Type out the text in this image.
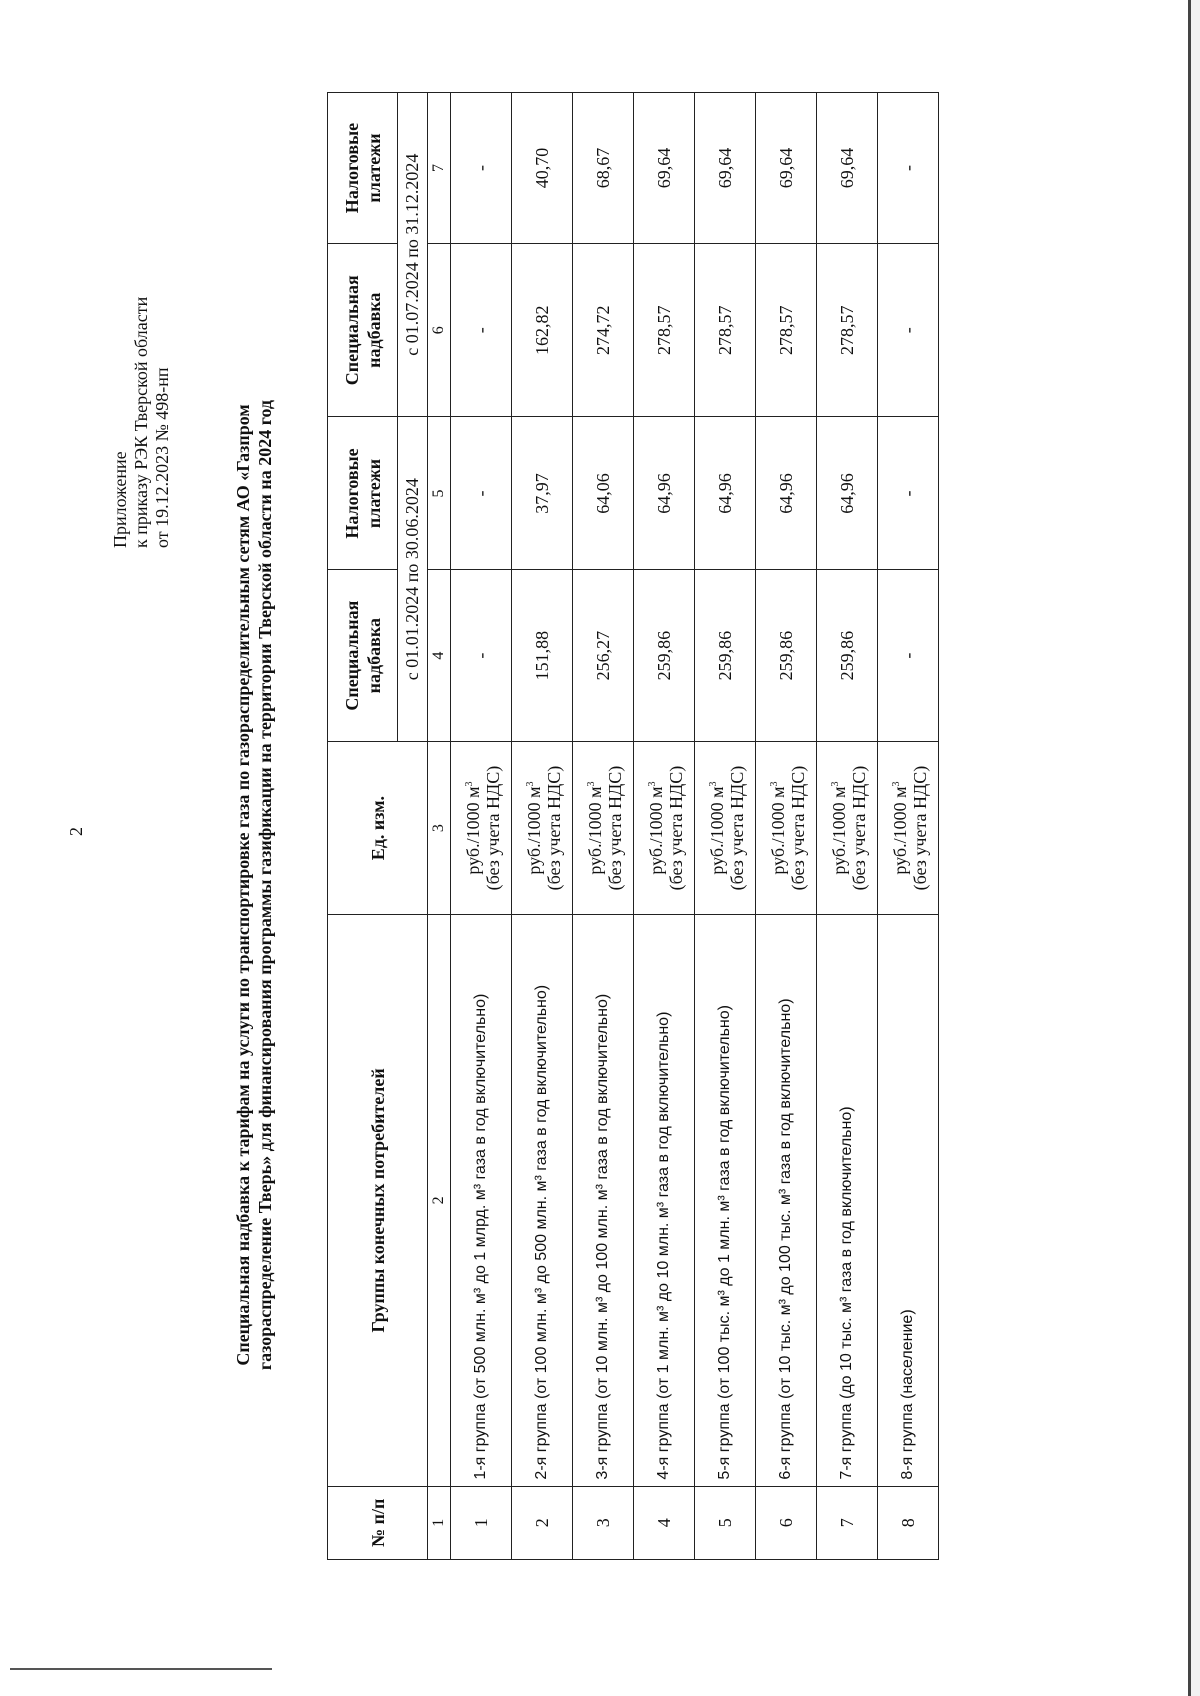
2
Приложение к приказу РЭК Тверской области от 19.12.2023 № 498-нп	Специальная надбавка к тарифам на услуги по транспортировке газа по газораспределительным сетям АО «Газпром газораспределение Тверь» для финансирования программы газификации на территории Тверской области на 2024 год
№ п/п	Группы конечных потребителей	Ед. изм.	Специальная надбавка	Налоговые платежи	Специальная надбавка	Налоговые платежи
			с 01.01.2024 по 30.06.2024		с 01.07.2024 по 31.12.2024	
1	2	3	4	5	6	7
1	1-я группа (от 500 млн. м³ до 1 млрд. м³ газа в год включительно)	руб./1000 $м^3$ (без учета НДС)	-	-	-	-
2	2-я группа (от 100 млн. м³ до 500 млн. м³ газа в год включительно)	руб./1000 $м^3$ (без учета НДС)	151,88	37,97	162,82	40,70
3	3-я группа (от 10 млн. м³ до 100 млн. м³ газа в год включительно)	руб./1000 $м^3$ (без учета НДС)	256,27	64,06	274,72	68,67
4	4-я группа (от 1 млн. м³ до 10 млн. м³ газа в год включительно)	руб./1000 $м^3$ (без учета НДС)	259,86	64,96	278,57	69,64
5	5-я группа (от 100 тыс. м³ до 1 млн. м³ газа в год включительно)	руб./1000 $м^3$ (без учета НДС)	259,86	64,96	278,57	69,64
6	6-я группа (от 10 тыс. м³ до 100 тыс. м³ газа в год включительно)	руб./1000 $м^3$ (без учета НДС)	259,86	64,96	278,57	69,64
7	7-я группа (до 10 тыс. м³ газа в год включительно)	руб./1000 $м^3$ (без учета НДС)	259,86	64,96	278,57	69,64
8	8-я группа (население)	руб./1000 $м^3$ (без учета НДС)	-	-	-	-
